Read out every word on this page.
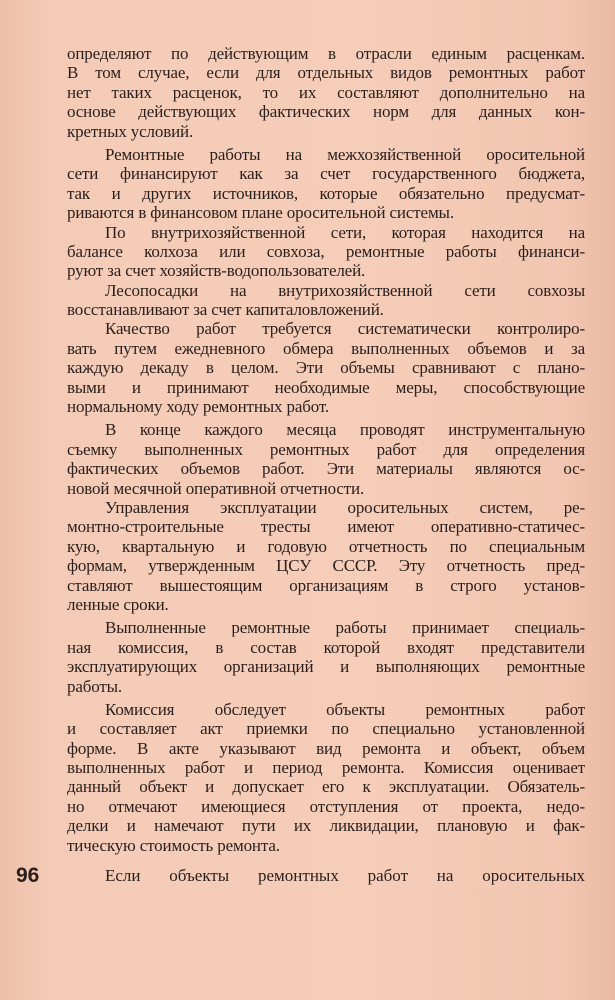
определяют по действующим в отрасли единым расценкам.
В том случае, если для отдельных видов ремонтных работ
нет таких расценок, то их составляют дополнительно на
основе действующих фактических норм для данных кон-
кретных условий.
Ремонтные работы на межхозяйственной оросительной
сети финансируют как за счет государственного бюджета,
так и других источников, которые обязательно предусмат-
риваются в финансовом плане оросительной системы.
По внутрихозяйственной сети, которая находится на
балансе колхоза или совхоза, ремонтные работы финанси-
руют за счет хозяйств-водопользователей.
Лесопосадки на внутрихозяйственной сети совхозы
восстанавливают за счет капиталовложений.
Качество работ требуется систематически контролиро-
вать путем ежедневного обмера выполненных объемов и за
каждую декаду в целом. Эти объемы сравнивают с плано-
выми и принимают необходимые меры, способствующие
нормальному ходу ремонтных работ.
В конце каждого месяца проводят инструментальную
съемку выполненных ремонтных работ для определения
фактических объемов работ. Эти материалы являются ос-
новой месячной оперативной отчетности.
Управления эксплуатации оросительных систем, ре-
монтно-строительные тресты имеют оперативно-статичес-
кую, квартальную и годовую отчетность по специальным
формам, утвержденным ЦСУ СССР. Эту отчетность пред-
ставляют вышестоящим организациям в строго установ-
ленные сроки.
Выполненные ремонтные работы принимает специаль-
ная комиссия, в состав которой входят представители
эксплуатирующих организаций и выполняющих ремонтные
работы.
Комиссия обследует объекты ремонтных работ
и составляет акт приемки по специально установленной
форме. В акте указывают вид ремонта и объект, объем
выполненных работ и период ремонта. Комиссия оценивает
данный объект и допускает его к эксплуатации. Обязатель-
но отмечают имеющиеся отступления от проекта, недо-
делки и намечают пути их ликвидации, плановую и фак-
тическую стоимость ремонта.
96	Если объекты ремонтных работ на оросительных
